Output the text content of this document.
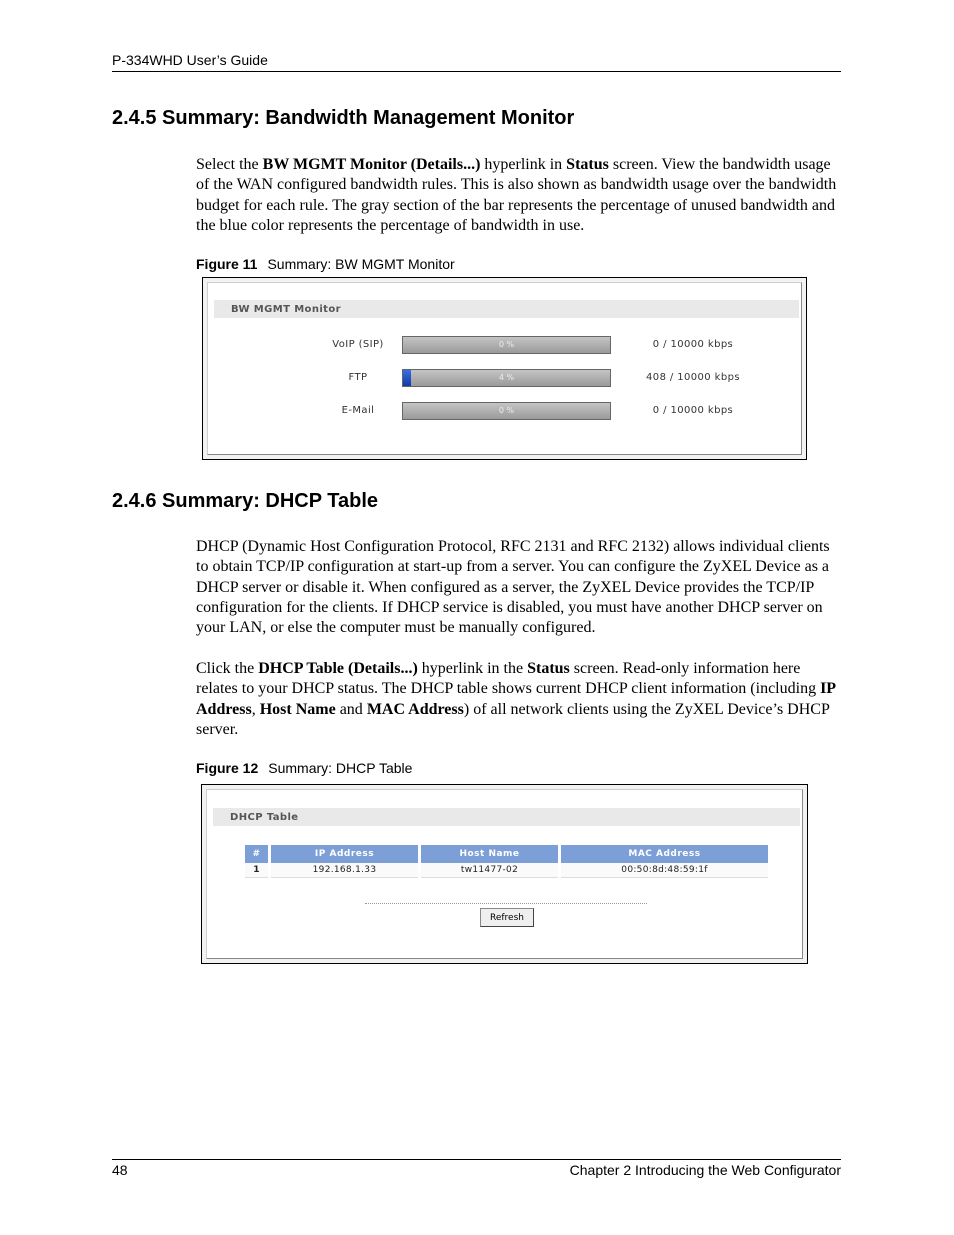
P-334WHD User’s Guide
2.4.5 Summary: Bandwidth Management Monitor
Select the BW MGMT Monitor (Details...) hyperlink in Status screen. View the bandwidth usage of the WAN configured bandwidth rules. This is also shown as bandwidth usage over the bandwidth budget for each rule. The gray section of the bar represents the percentage of unused bandwidth and the blue color represents the percentage of bandwidth in use.
Figure 11 Summary: BW MGMT Monitor
BW MGMT Monitor
VoIP (SIP)	0 %	0 / 10000 kbps
FTP	4 %	408 / 10000 kbps
E-Mail	0 %	0 / 10000 kbps
2.4.6 Summary: DHCP Table
DHCP (Dynamic Host Configuration Protocol, RFC 2131 and RFC 2132) allows individual clients to obtain TCP/IP configuration at start-up from a server. You can configure the ZyXEL Device as a DHCP server or disable it. When configured as a server, the ZyXEL Device provides the TCP/IP configuration for the clients. If DHCP service is disabled, you must have another DHCP server on your LAN, or else the computer must be manually configured.
Click the DHCP Table (Details...) hyperlink in the Status screen. Read-only information here relates to your DHCP status. The DHCP table shows current DHCP client information (including IP Address, Host Name and MAC Address) of all network clients using the ZyXEL Device’s DHCP server.
Figure 12 Summary: DHCP Table
DHCP Table
#	IP Address	Host Name	MAC Address
1	192.168.1.33	tw11477-02	00:50:8d:48:59:1f
Refresh
48	Chapter 2 Introducing the Web Configurator
